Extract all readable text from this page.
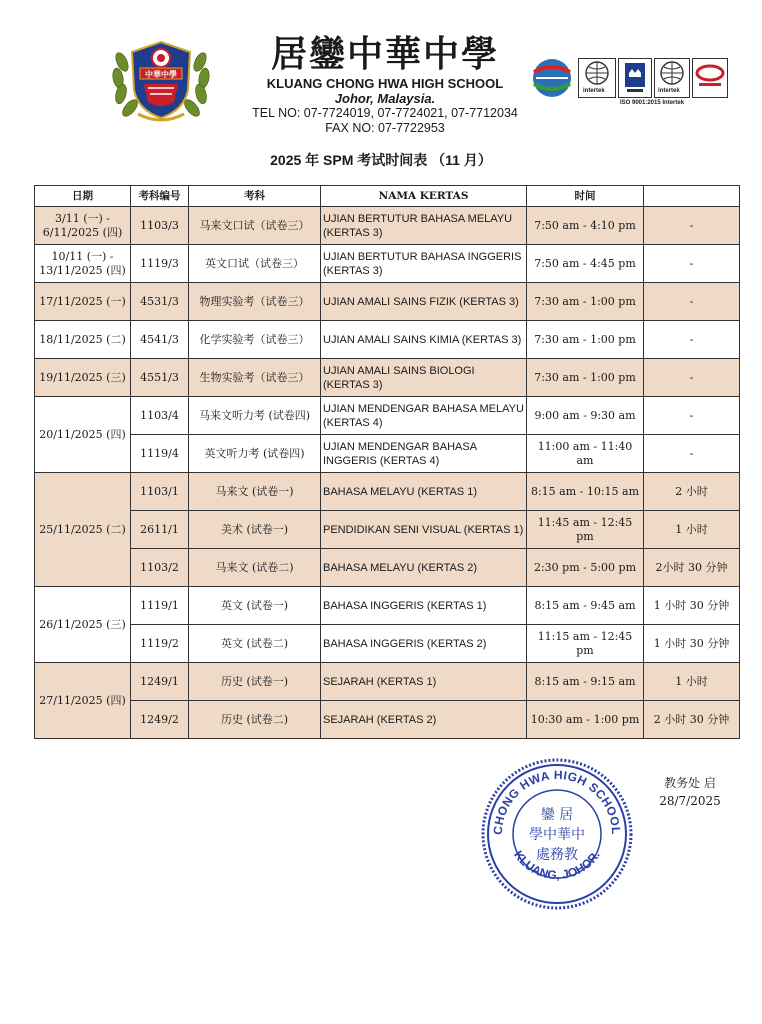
中華中學	居鑾中華中學
KLUANG CHONG HWA HIGH SCHOOL
Johor, Malaysia.
TEL NO: 07-7724019, 07-7724021, 07-7712034
FAX NO: 07-7722953
intertek	intertek
ISO 9001:2015 Intertek
2025 年 SPM 考试时间表 （11 月）
日期	考科编号	考科	NAMA KERTAS	时间	
3/11 (一) - 6/11/2025 (四)	1103/3	马来文口试（试卷三）	UJIAN BERTUTUR BAHASA MELAYU (KERTAS 3)	7:50 am - 4:10 pm	-
10/11 (一) - 13/11/2025 (四)	1119/3	英文口试（试卷三）	UJIAN BERTUTUR BAHASA INGGERIS (KERTAS 3)	7:50 am - 4:45 pm	-
17/11/2025 (一)	4531/3	物理实验考（试卷三）	UJIAN AMALI SAINS FIZIK (KERTAS 3)	7:30 am - 1:00 pm	-
18/11/2025 (二)	4541/3	化学实验考（试卷三）	UJIAN AMALI SAINS KIMIA (KERTAS 3)	7:30 am - 1:00 pm	-
19/11/2025 (三)	4551/3	生物实验考（试卷三）	UJIAN AMALI SAINS BIOLOGI (KERTAS 3)	7:30 am - 1:00 pm	-
20/11/2025 (四)	1103/4	马来文听力考 (试卷四)	UJIAN MENDENGAR BAHASA MELAYU (KERTAS 4)	9:00 am - 9:30 am	-
	1119/4	英文听力考 (试卷四)	UJIAN MENDENGAR BAHASA INGGERIS (KERTAS 4)	11:00 am - 11:40 am	-
25/11/2025 (二)	1103/1	马来文 (试卷一)	BAHASA MELAYU (KERTAS 1)	8:15 am - 10:15 am	2 小时
	2611/1	美术 (试卷一)	PENDIDIKAN SENI VISUAL (KERTAS 1)	11:45 am - 12:45 pm	1 小时
	1103/2	马来文 (试卷二)	BAHASA MELAYU (KERTAS 2)	2:30 pm - 5:00 pm	2小时 30 分钟
26/11/2025 (三)	1119/1	英文 (试卷一)	BAHASA INGGERIS (KERTAS 1)	8:15 am - 9:45 am	1 小时 30 分钟
	1119/2	英文 (试卷二)	BAHASA INGGERIS (KERTAS 2)	11:15 am - 12:45 pm	1 小时 30 分钟
27/11/2025 (四)	1249/1	历史 (试卷一)	SEJARAH (KERTAS 1)	8:15 am - 9:15 am	1 小时
	1249/2	历史 (试卷二)	SEJARAH (KERTAS 2)	10:30 am - 1:00 pm	2 小时 30 分钟
CHONG HWA HIGH SCHOOL
KLUANG, JOHOR.
鑾 居
學中華中
處務教
教务处 启
28/7/2025
